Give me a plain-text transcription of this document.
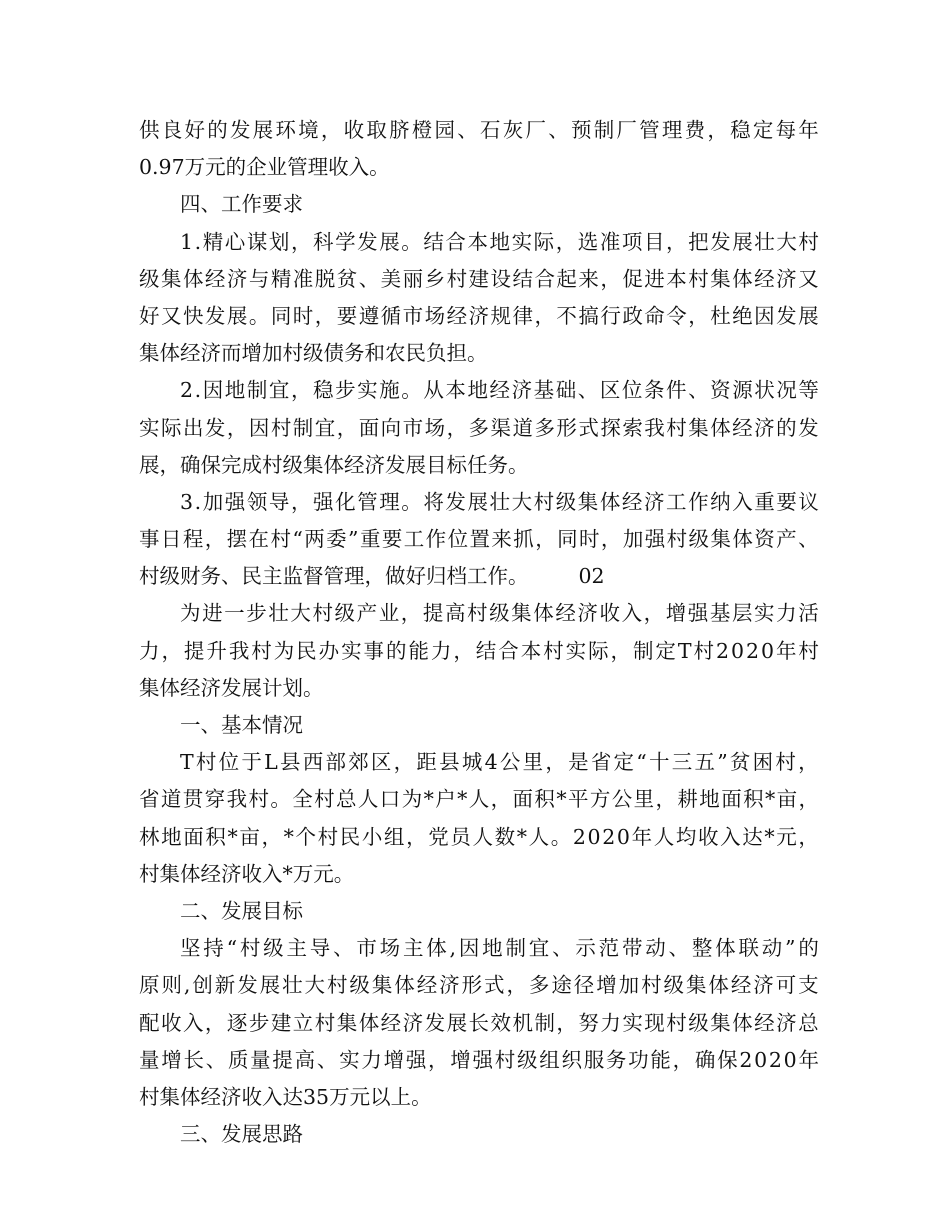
供 良 好 的 发 展 环 境 ， 收 取 脐 橙 园 、 石 灰 厂 、 预 制 厂 管 理 费 ， 稳 定 每 年
0.97万元的企业管理收入。
四、工作要求
1 . 精 心 谋 划 ， 科 学 发 展 。 结 合 本 地 实 际 ， 选 准 项 目 ， 把 发 展 壮 大 村
级 集 体 经 济 与 精 准 脱 贫 、 美 丽 乡 村 建 设 结 合 起 来 ， 促 进 本 村 集 体 经 济 又
好 又 快 发 展 。 同 时 ， 要 遵 循 市 场 经 济 规 律 ， 不 搞 行 政 命 令 ， 杜 绝 因 发 展
集体经济而增加村级债务和农民负担。
2 . 因 地 制 宜 ， 稳 步 实 施 。 从 本 地 经 济 基 础 、 区 位 条 件 、 资 源 状 况 等
实 际 出 发 ， 因 村 制 宜 ， 面 向 市 场 ， 多 渠 道 多 形 式 探 索 我 村 集 体 经 济 的 发
展，确保完成村级集体经济发展目标任务。
3 . 加 强 领 导 ， 强 化 管 理 。 将 发 展 壮 大 村 级 集 体 经 济 工 作 纳 入 重 要 议
事 日 程 ， 摆 在 村 “ 两 委 ” 重 要 工 作 位 置 来 抓 ， 同 时 ， 加 强 村 级 集 体 资 产 、
村级财务、民主监督管理，做好归档工作。 02
为 进 一 步 壮 大 村 级 产 业 ， 提 高 村 级 集 体 经 济 收 入 ， 增 强 基 层 实 力 活
力 ， 提 升 我 村 为 民 办 实 事 的 能 力 ， 结 合 本 村 实 际 ， 制 定 T 村 2 0 2 0 年 村
集体经济发展计划。
一、基本情况
T 村 位 于 L 县 西 部 郊 区 ， 距 县 城 4 公 里 ， 是 省 定 “ 十 三 五 ” 贫 困 村 ，
省 道 贯 穿 我 村 。 全 村 总 人 口 为 * 户 * 人 ， 面 积 * 平 方 公 里 ， 耕 地 面 积 * 亩 ，
林 地 面 积 * 亩 ， * 个 村 民 小 组 ， 党 员 人 数 * 人 。 2 0 2 0 年 人 均 收 入 达 * 元 ，
村集体经济收入*万元。
二、发展目标
坚 持 “ 村 级 主 导 、 市 场 主 体 , 因 地 制 宜 、 示 范 带 动 、 整 体 联 动 ” 的
原 则 , 创 新 发 展 壮 大 村 级 集 体 经 济 形 式 ， 多 途 径 增 加 村 级 集 体 经 济 可 支
配 收 入 ， 逐 步 建 立 村 集 体 经 济 发 展 长 效 机 制 ， 努 力 实 现 村 级 集 体 经 济 总
量 增 长 、 质 量 提 高 、 实 力 增 强 ， 增 强 村 级 组 织 服 务 功 能 ， 确 保 2 0 2 0 年
村集体经济收入达35万元以上。
三、发展思路
